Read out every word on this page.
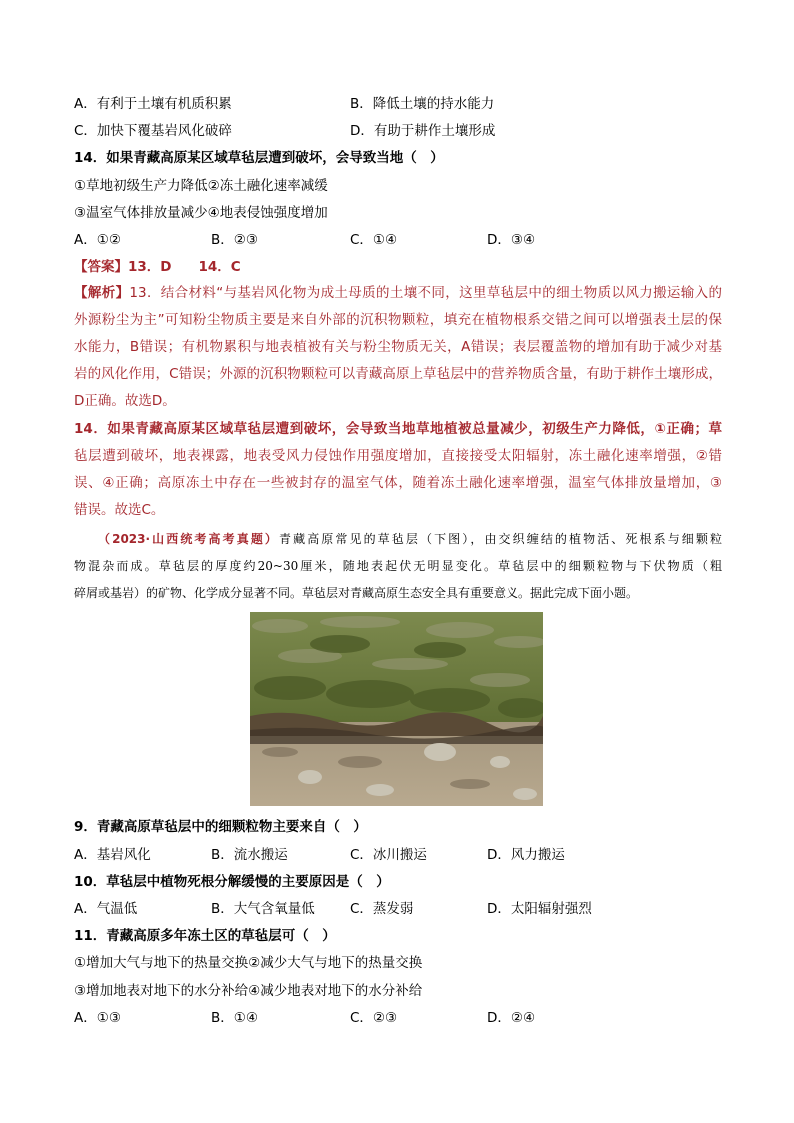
A．有利于土壤有机质积累	B．降低土壤的持水能力
C．加快下覆基岩风化破碎	D．有助于耕作土壤形成
14．如果青藏高原某区域草毡层遭到破坏，会导致当地（　）
①草地初级生产力降低②冻土融化速率减缓
③温室气体排放量减少④地表侵蚀强度增加
A．①②	B．②③	C．①④	D．③④
【答案】13．D　　14．C
【解析】13．结合材料“与基岩风化物为成土母质的土壤不同，这里草毡层中的细土物质以风力搬运输入的
外源粉尘为主”可知粉尘物质主要是来自外部的沉积物颗粒，填充在植物根系交错之间可以增强表土层的保
水能力，B错误；有机物累积与地表植被有关与粉尘物质无关，A错误；表层覆盖物的增加有助于减少对基
岩的风化作用，C错误；外源的沉积物颗粒可以青藏高原上草毡层中的营养物质含量，有助于耕作土壤形成，
D正确。故选D。
14．如果青藏高原某区域草毡层遭到破坏，会导致当地草地植被总量减少，初级生产力降低，①正确；草
毡层遭到破坏，地表裸露，地表受风力侵蚀作用强度增加，直接接受太阳辐射，冻土融化速率增强，②错
误、④正确；高原冻土中存在一些被封存的温室气体，随着冻土融化速率增强，温室气体排放量增加，③
错误。故选C。
（2023·山西统考高考真题）青藏高原常见的草毡层（下图），由交织缠结的植物活、死根系与细颗粒
物混杂而成。草毡层的厚度约20~30厘米，随地表起伏无明显变化。草毡层中的细颗粒物与下伏物质（粗
碎屑或基岩）的矿物、化学成分显著不同。草毡层对青藏高原生态安全具有重要意义。据此完成下面小题。
9．青藏高原草毡层中的细颗粒物主要来自（　）
A．基岩风化	B．流水搬运	C．冰川搬运	D．风力搬运
10．草毡层中植物死根分解缓慢的主要原因是（　）
A．气温低	B．大气含氧量低	C．蒸发弱	D．太阳辐射强烈
11．青藏高原多年冻土区的草毡层可（　）
①增加大气与地下的热量交换②减少大气与地下的热量交换
③增加地表对地下的水分补给④减少地表对地下的水分补给
A．①③	B．①④	C．②③	D．②④
